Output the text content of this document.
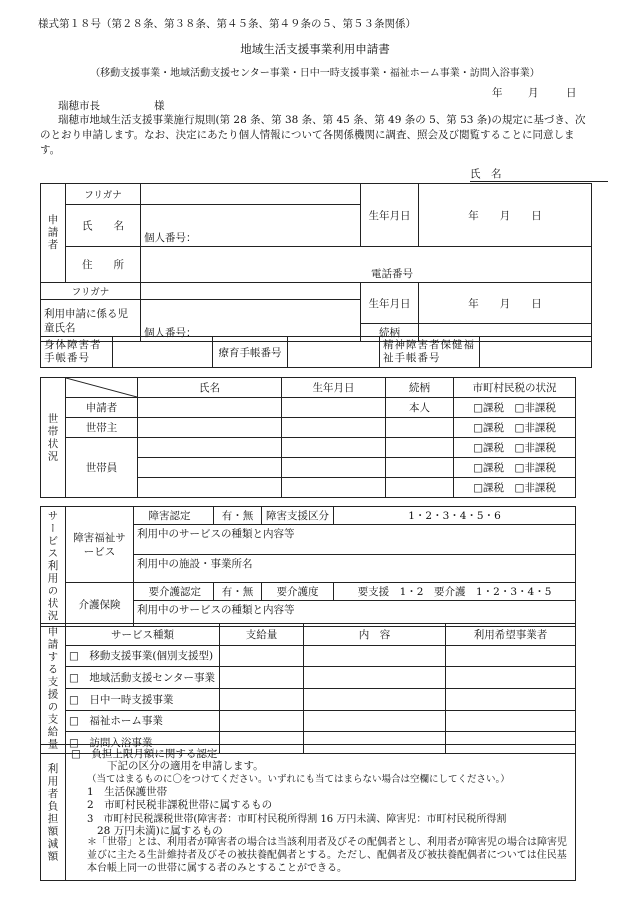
様式第１８号（第２８条、第３８条、第４５条、第４９条の５、第５３条関係）
地域生活支援事業利用申請書
（移動支援事業・地域活動支援センター事業・日中一時支援事業・福祉ホーム事業・訪問入浴事業）
年 月	日
瑞穂市長	様
瑞穂市地域生活支援事業施行規則(第 28 条、第 38 条、第 45 条、第 49 条の 5、第 53 条)の規定に基づき、次のとおり申請します。なお、決定にあたり個人情報について各関係機関に調査、照会及び閲覧することに同意します。
氏　名
申請者	フリガナ		生年月日	年　　月　　日
	氏　　名	個人番号：		
	住　　所	電話番号		
フリガナ			生年月日	年　　月　　日
利用申請に係る児童氏名		個人番号：		
			続柄	
身体障害者手帳番号		療育手帳番号		精神障害者保健福祉手帳番号	
世帯状況		氏名	生年月日	続柄	市町村民税の状況
	申請者			本人	□課税　□非課税
	世帯主				□課税　□非課税
	世帯員				□課税　□非課税
					□課税　□非課税
					□課税　□非課税
サービス利用の状況	障害福祉サービス		障害認定	有・無	障害支援区分	1・2・3・4・5・6
		利用中のサービスの種類と内容等				
		利用中の施設・事業所名				
	介護保険		要介護認定	有・無	要介護度	要支援　1・2　要介護　1・2・3・4・5
		利用中のサービスの種類と内容等				

申請する支援の支給量	サービス種類	支給量	内　容	利用希望事業者
	□　移動支援事業(個別支援型)			
	□　地域活動支援センター事業			
	□　日中一時支援事業			
	□　福祉ホーム事業			
	□　訪問入浴事業			
利用者負担額減額	
□　負担上限月額に関する認定
下記の区分の適用を申請します。
（当てはまるものに〇をつけてください。いずれにも当てはまらない場合は空欄にしてください。）
1　生活保護世帯
2　市町村民税非課税世帯に属するもの
3　市町村民税課税世帯(障害者：市町村民税所得割 16 万円未満、障害児：市町村民税所得割
28 万円未満)に属するもの
＊「世帯」とは、利用者が障害者の場合は当該利用者及びその配偶者とし、利用者が障害児の場合は障害児並びに主たる生計維持者及びその被扶養配偶者とする。ただし、配偶者及び被扶養配偶者については住民基本台帳上同一の世帯に属する者のみとすることができる。
